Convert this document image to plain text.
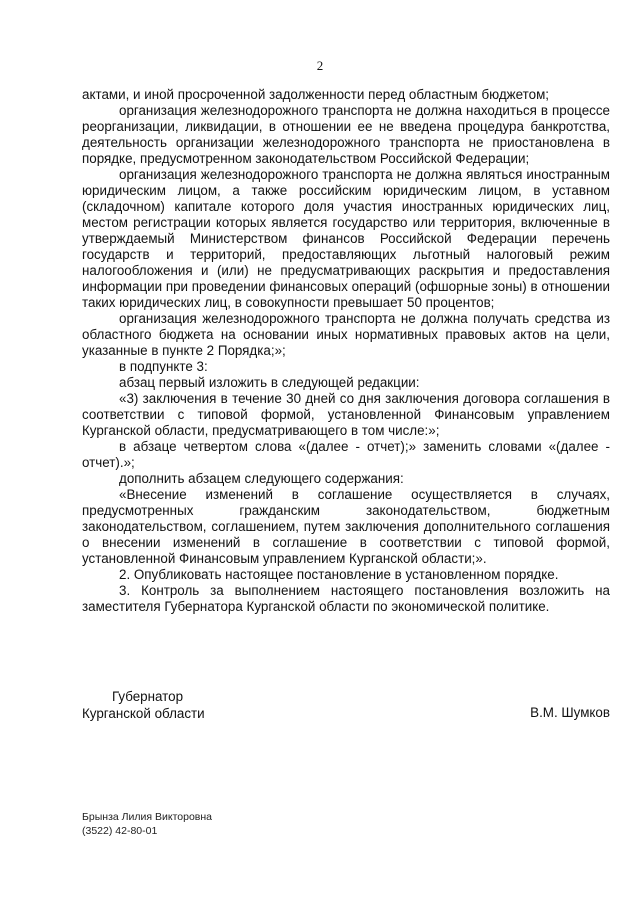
2

актами, и иной просроченной задолженности перед областным бюджетом;

организация железнодорожного транспорта не должна находиться в процессе реорганизации, ликвидации, в отношении ее не введена процедура банкротства, деятельность организации железнодорожного транспорта не приостановлена в порядке, предусмотренном законодательством Российской Федерации;

организация железнодорожного транспорта не должна являться иностранным юридическим лицом, а также российским юридическим лицом, в уставном (складочном) капитале которого доля участия иностранных юридических лиц, местом регистрации которых является государство или территория, включенные в утверждаемый Министерством финансов Российской Федерации перечень государств и территорий, предоставляющих льготный налоговый режим налогообложения и (или) не предусматривающих раскрытия и предоставления информации при проведении финансовых операций (офшорные зоны) в отношении таких юридических лиц, в совокупности превышает 50 процентов;

организация железнодорожного транспорта не должна получать средства из областного бюджета на основании иных нормативных правовых актов на цели, указанные в пункте 2 Порядка;»;

в подпункте 3:

абзац первый изложить в следующей редакции:

«3) заключения в течение 30 дней со дня заключения договора соглашения в соответствии с типовой формой, установленной Финансовым управлением Курганской области, предусматривающего в том числе:»;

в абзаце четвертом слова «(далее - отчет);» заменить словами «(далее - отчет).»;

дополнить абзацем следующего содержания:

«Внесение изменений в соглашение осуществляется в случаях, предусмотренных гражданским законодательством, бюджетным законодательством, соглашением, путем заключения дополнительного соглашения о внесении изменений в соглашение в соответствии с типовой формой, установленной Финансовым управлением Курганской области;».

2. Опубликовать настоящее постановление в установленном порядке.

3. Контроль за выполнением настоящего постановления возложить на заместителя Губернатора Курганской области по экономической политике.

Губернатор
Курганской области	В.М. Шумков
Брынза Лилия Викторовна
(3522) 42-80-01
